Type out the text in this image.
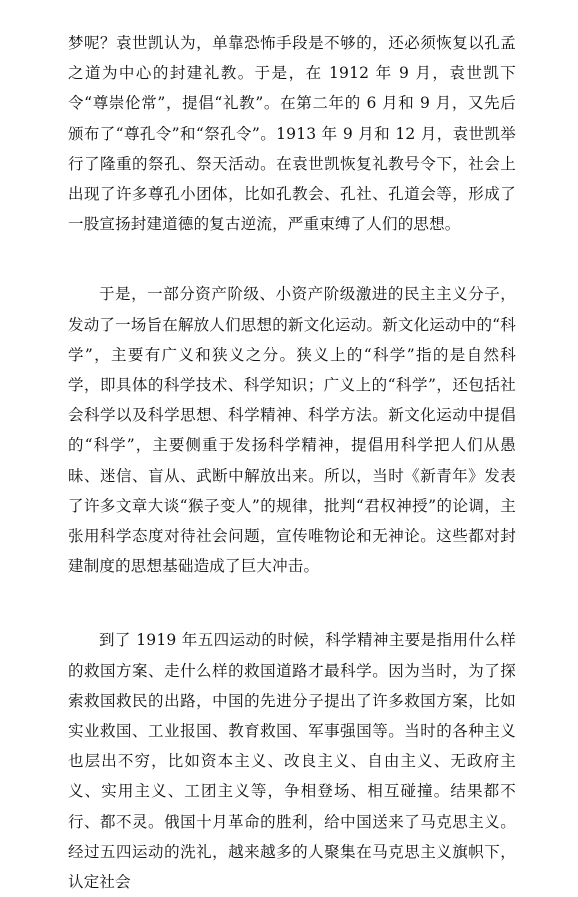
梦呢？袁世凯认为，单靠恐怖手段是不够的，还必须恢复以孔孟之道为中心的封建礼教。于是，在 1912 年 9 月，袁世凯下令“尊崇伦常”，提倡“礼教”。在第二年的 6 月和 9 月，又先后颁布了“尊孔令”和“祭孔令”。1913 年 9 月和 12 月，袁世凯举行了隆重的祭孔、祭天活动。在袁世凯恢复礼教号令下，社会上出现了许多尊孔小团体，比如孔教会、孔社、孔道会等，形成了一股宣扬封建道德的复古逆流，严重束缚了人们的思想。

于是，一部分资产阶级、小资产阶级激进的民主主义分子，发动了一场旨在解放人们思想的新文化运动。新文化运动中的“科学”，主要有广义和狭义之分。狭义上的“科学”指的是自然科学，即具体的科学技术、科学知识；广义上的“科学”，还包括社会科学以及科学思想、科学精神、科学方法。新文化运动中提倡的“科学”，主要侧重于发扬科学精神，提倡用科学把人们从愚昧、迷信、盲从、武断中解放出来。所以，当时《新青年》发表了许多文章大谈“猴子变人”的规律，批判“君权神授”的论调，主张用科学态度对待社会问题，宣传唯物论和无神论。这些都对封建制度的思想基础造成了巨大冲击。

到了 1919 年五四运动的时候，科学精神主要是指用什么样的救国方案、走什么样的救国道路才最科学。因为当时，为了探索救国救民的出路，中国的先进分子提出了许多救国方案，比如实业救国、工业报国、教育救国、军事强国等。当时的各种主义也层出不穷，比如资本主义、改良主义、自由主义、无政府主义、实用主义、工团主义等，争相登场、相互碰撞。结果都不行、都不灵。俄国十月革命的胜利，给中国送来了马克思主义。经过五四运动的洗礼，越来越多的人聚集在马克思主义旗帜下，认定社会
